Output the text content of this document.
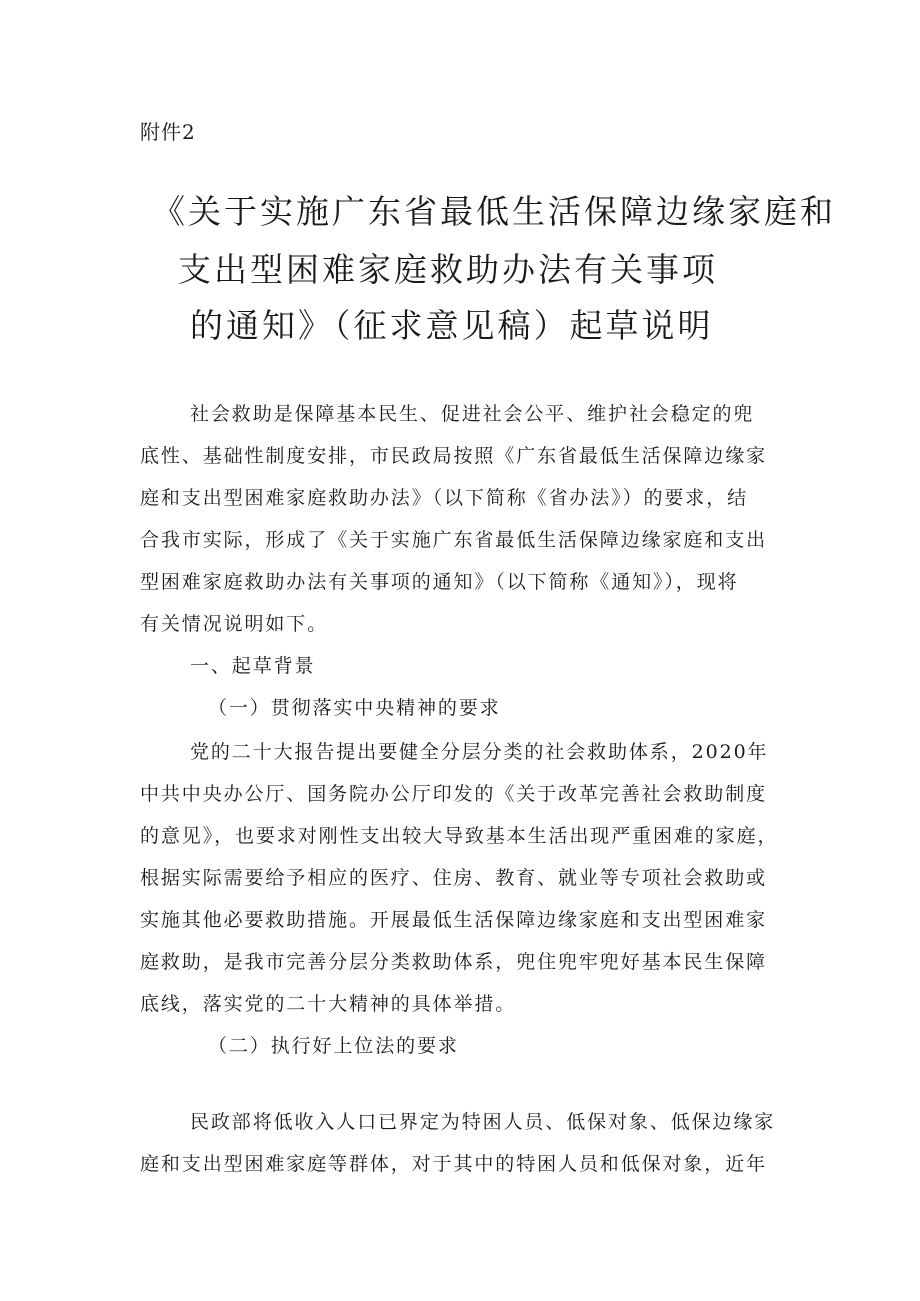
附件2
《关于实施广东省最低生活保障边缘家庭和
支出型困难家庭救助办法有关事项
的通知》（征求意见稿）起草说明
社会救助是保障基本民生、促进社会公平、维护社会稳定的兜
底性、基础性制度安排，市民政局按照《广东省最低生活保障边缘家
庭和支出型困难家庭救助办法》（以下简称《省办法》）的要求，结
合我市实际，形成了《关于实施广东省最低生活保障边缘家庭和支出
型困难家庭救助办法有关事项的通知》（以下简称《通知》），现将
有关情况说明如下。
一、起草背景
（一）贯彻落实中央精神的要求
党的二十大报告提出要健全分层分类的社会救助体系，2020年
中共中央办公厅、国务院办公厅印发的《关于改革完善社会救助制度
的意见》，也要求对刚性支出较大导致基本生活出现严重困难的家庭，
根据实际需要给予相应的医疗、住房、教育、就业等专项社会救助或
实施其他必要救助措施。开展最低生活保障边缘家庭和支出型困难家
庭救助，是我市完善分层分类救助体系，兜住兜牢兜好基本民生保障
底线，落实党的二十大精神的具体举措。
（二）执行好上位法的要求
民政部将低收入人口已界定为特困人员、低保对象、低保边缘家
庭和支出型困难家庭等群体，对于其中的特困人员和低保对象，近年
